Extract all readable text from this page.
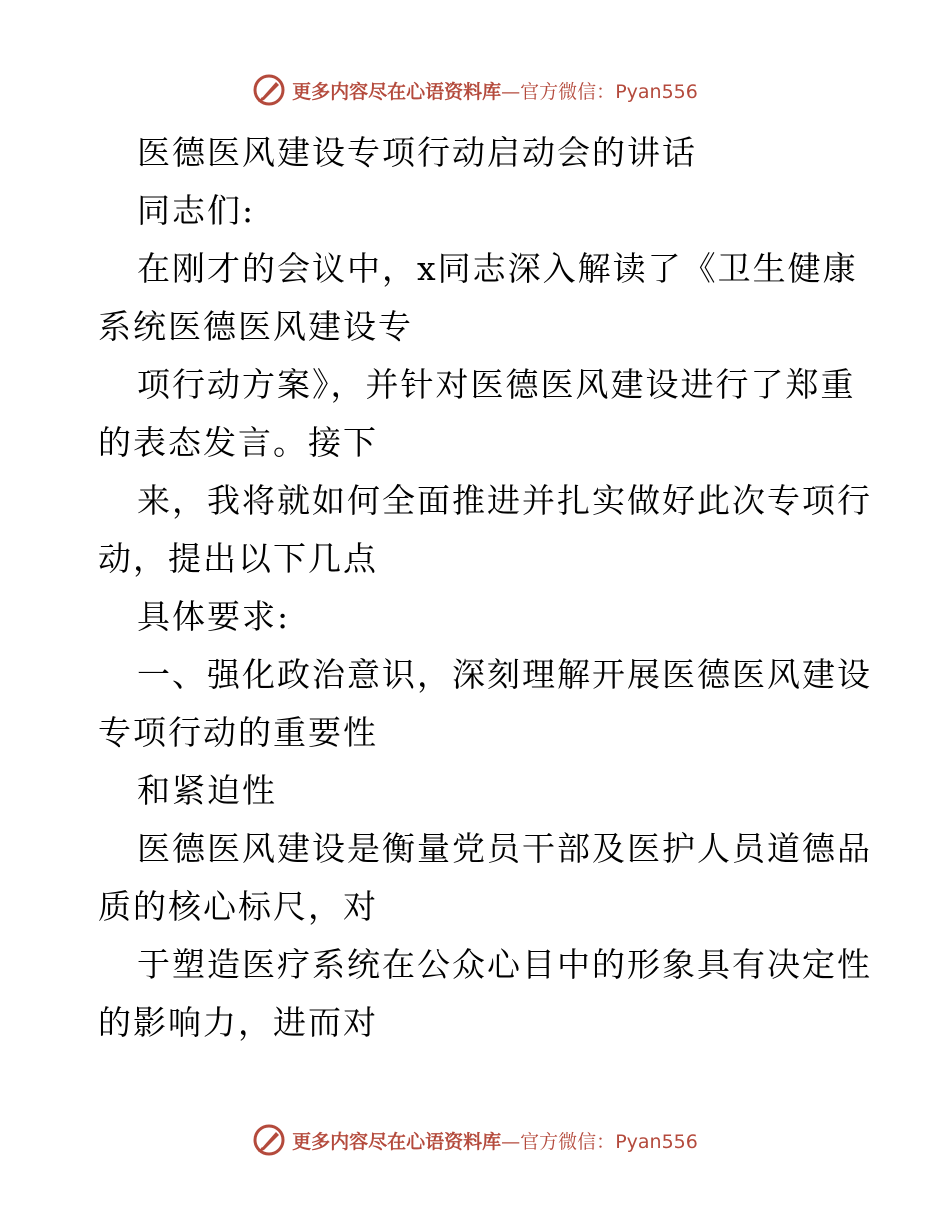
更多内容尽在心语资料库—官方微信：Pyan556

医德医风建设专项行动启动会的讲话

同志们:

在刚才的会议中，x同志深入解读了《卫生健康

系统医德医风建设专

项行动方案》，并针对医德医风建设进行了郑重

的表态发言。接下

来，我将就如何全面推进并扎实做好此次专项行

动，提出以下几点

具体要求:

一、强化政治意识，深刻理解开展医德医风建设

专项行动的重要性

和紧迫性

医德医风建设是衡量党员干部及医护人员道德品

质的核心标尺，对

于塑造医疗系统在公众心目中的形象具有决定性

的影响力，进而对

更多内容尽在心语资料库—官方微信：Pyan556
